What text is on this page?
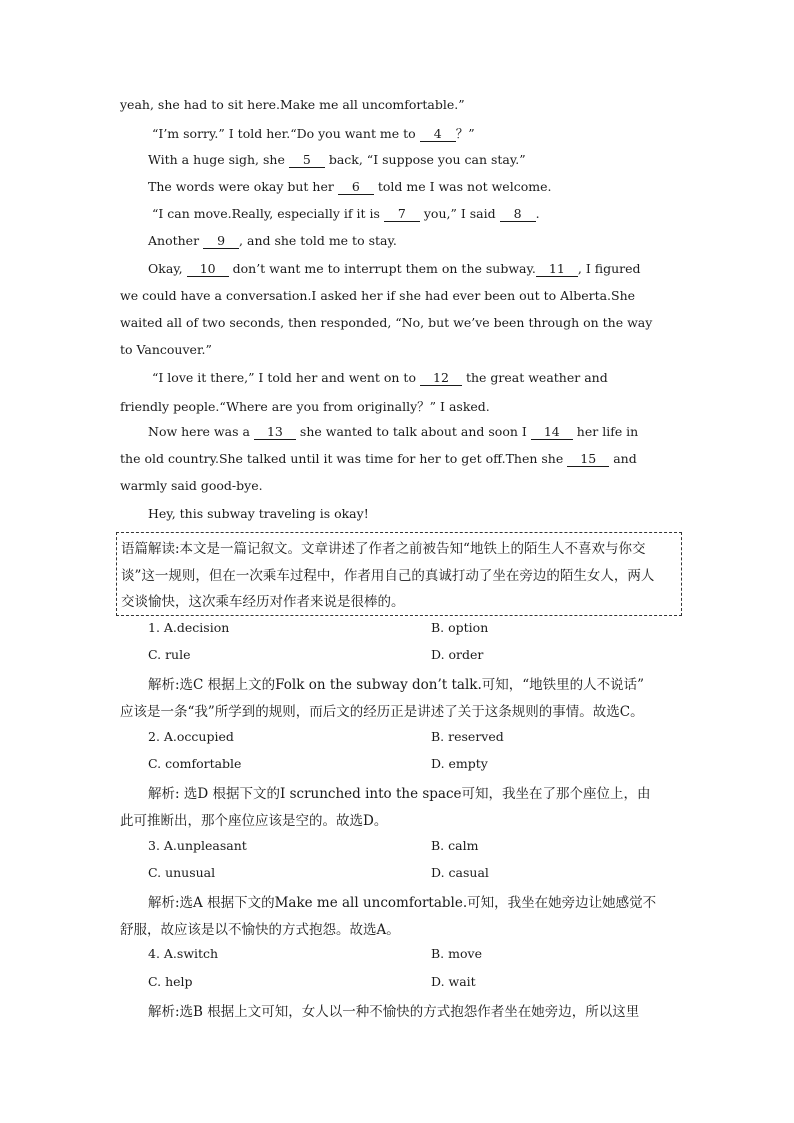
yeah, she had to sit here.Make me all uncomfortable.”
“I’m sorry.” I told her.“Do you want me to 4 ？”
With a huge sigh, she 5 back, “I suppose you can stay.”
The words were okay but her 6 told me I was not welcome.
“I can move.Really, especially if it is 7 you,” I said 8 .
Another 9 , and she told me to stay.
Okay, 10 don’t want me to interrupt them on the subway. 11 , I figured
we could have a conversation.I asked her if she had ever been out to Alberta.She
waited all of two seconds, then responded, “No, but we’ve been through on the way
to Vancouver.”
“I love it there,” I told her and went on to 12 the great weather and
friendly people.“Where are you from originally？” I asked.
Now here was a 13 she wanted to talk about and soon I 14 her life in
the old country.She talked until it was time for her to get off.Then she 15 and
warmly said good-bye.
Hey, this subway traveling is okay!
语篇解读:本文是一篇记叙文。文章讲述了作者之前被告知“地铁上的陌生人不喜欢与你交
谈”这一规则，但在一次乘车过程中，作者用自己的真诚打动了坐在旁边的陌生女人，两人
交谈愉快，这次乘车经历对作者来说是很棒的。
1. A.decision	B. option
C. rule	D. order
解析:选C 根据上文的Folk on the subway don’t talk.可知，“地铁里的人不说话”
应该是一条“我”所学到的规则，而后文的经历正是讲述了关于这条规则的事情。故选C。
2. A.occupied	B. reserved
C. comfortable	D. empty
解析: 选D 根据下文的I scrunched into the space可知，我坐在了那个座位上，由
此可推断出，那个座位应该是空的。故选D。
3. A.unpleasant	B. calm
C. unusual	D. casual
解析:选A 根据下文的Make me all uncomfortable.可知，我坐在她旁边让她感觉不
舒服，故应该是以不愉快的方式抱怨。故选A。
4. A.switch	B. move
C. help	D. wait
解析:选B 根据上文可知，女人以一种不愉快的方式抱怨作者坐在她旁边，所以这里
